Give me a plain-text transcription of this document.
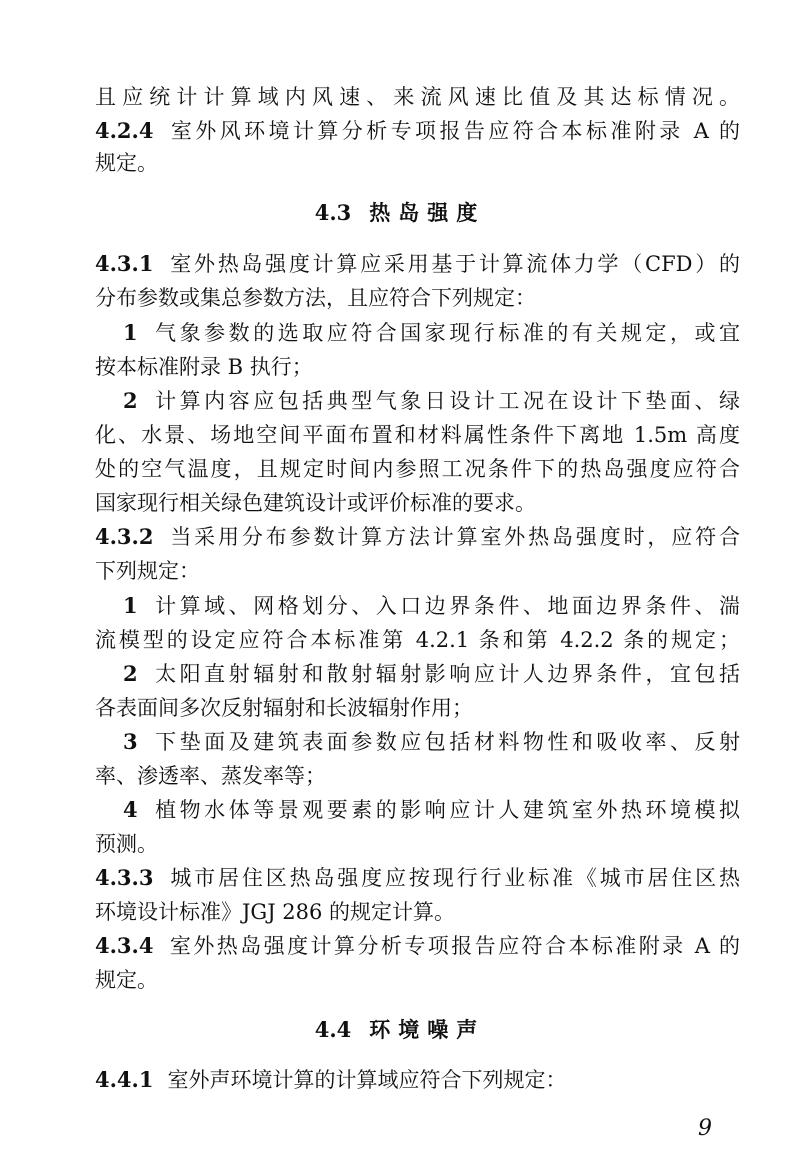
且应统计计算域内风速、来流风速比值及其达标情况。
4.2.4 室外风环境计算分析专项报告应符合本标准附录 A 的
规定。
4.3 热岛强度
4.3.1 室外热岛强度计算应采用基于计算流体力学（CFD）的
分布参数或集总参数方法，且应符合下列规定：
1 气象参数的选取应符合国家现行标准的有关规定，或宜
按本标准附录 B 执行；
2 计算内容应包括典型气象日设计工况在设计下垫面、绿
化、水景、场地空间平面布置和材料属性条件下离地 1.5m 高度
处的空气温度，且规定时间内参照工况条件下的热岛强度应符合
国家现行相关绿色建筑设计或评价标准的要求。
4.3.2 当采用分布参数计算方法计算室外热岛强度时，应符合
下列规定：
1 计算域、网格划分、入口边界条件、地面边界条件、湍
流模型的设定应符合本标准第 4.2.1 条和第 4.2.2 条的规定；
2 太阳直射辐射和散射辐射影响应计人边界条件，宜包括
各表面间多次反射辐射和长波辐射作用；
3 下垫面及建筑表面参数应包括材料物性和吸收率、反射
率、渗透率、蒸发率等；
4 植物水体等景观要素的影响应计人建筑室外热环境模拟
预测。
4.3.3 城市居住区热岛强度应按现行行业标准《城市居住区热
环境设计标准》JGJ 286 的规定计算。
4.3.4 室外热岛强度计算分析专项报告应符合本标准附录 A 的
规定。
4.4 环境噪声
4.4.1 室外声环境计算的计算域应符合下列规定：
9
